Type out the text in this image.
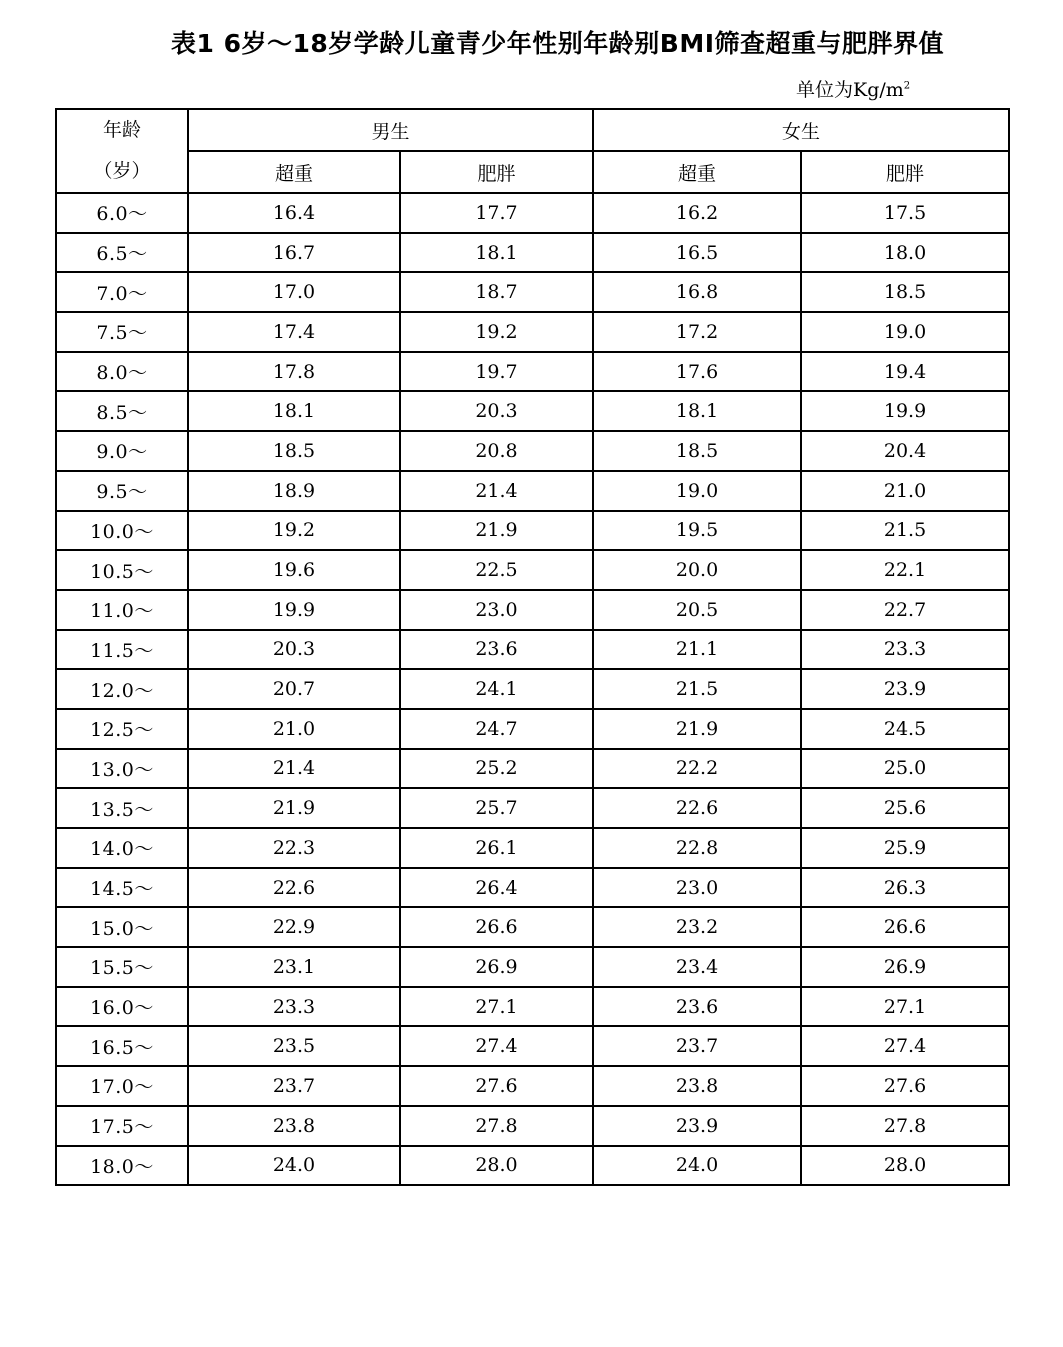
表1 6岁～18岁学龄儿童青少年性别年龄别BMI筛查超重与肥胖界值
单位为$Kg/m^2$
年龄
（岁）	男生		女生	
	超重	肥胖	超重	肥胖
6.0～	16.4	17.7	16.2	17.5
6.5～	16.7	18.1	16.5	18.0
7.0～	17.0	18.7	16.8	18.5
7.5～	17.4	19.2	17.2	19.0
8.0～	17.8	19.7	17.6	19.4
8.5～	18.1	20.3	18.1	19.9
9.0～	18.5	20.8	18.5	20.4
9.5～	18.9	21.4	19.0	21.0
10.0～	19.2	21.9	19.5	21.5
10.5～	19.6	22.5	20.0	22.1
11.0～	19.9	23.0	20.5	22.7
11.5～	20.3	23.6	21.1	23.3
12.0～	20.7	24.1	21.5	23.9
12.5～	21.0	24.7	21.9	24.5
13.0～	21.4	25.2	22.2	25.0
13.5～	21.9	25.7	22.6	25.6
14.0～	22.3	26.1	22.8	25.9
14.5～	22.6	26.4	23.0	26.3
15.0～	22.9	26.6	23.2	26.6
15.5～	23.1	26.9	23.4	26.9
16.0～	23.3	27.1	23.6	27.1
16.5～	23.5	27.4	23.7	27.4
17.0～	23.7	27.6	23.8	27.6
17.5～	23.8	27.8	23.9	27.8
18.0～	24.0	28.0	24.0	28.0
